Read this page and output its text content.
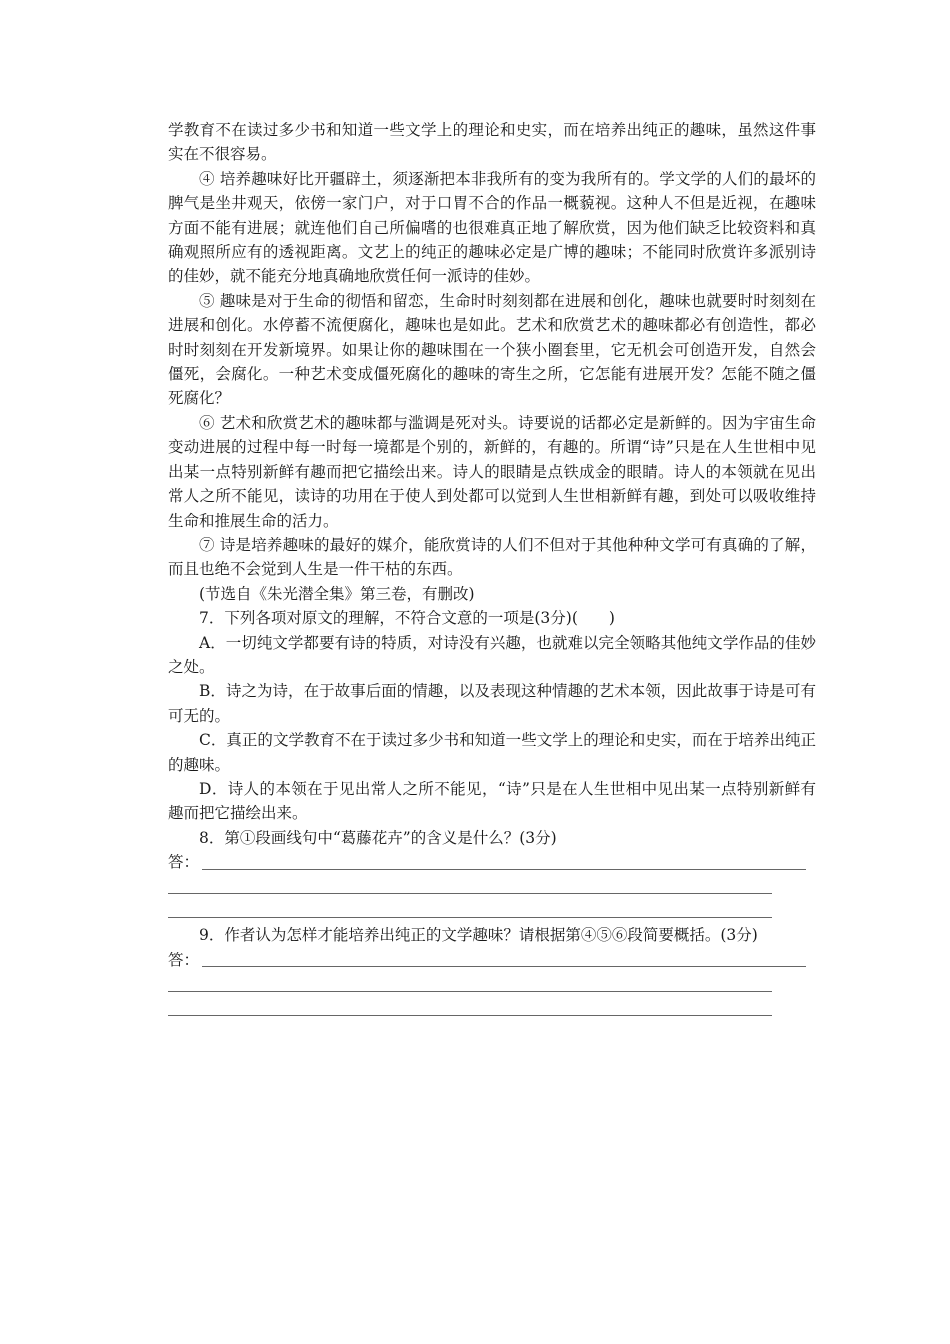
学教育不在读过多少书和知道一些文学上的理论和史实，而在培养出纯正的趣味，虽然这件事实在不很容易。

④ 培养趣味好比开疆辟土，须逐渐把本非我所有的变为我所有的。学文学的人们的最坏的脾气是坐井观天，依傍一家门户，对于口胃不合的作品一概藐视。这种人不但是近视，在趣味方面不能有进展；就连他们自己所偏嗜的也很难真正地了解欣赏，因为他们缺乏比较资料和真确观照所应有的透视距离。文艺上的纯正的趣味必定是广博的趣味；不能同时欣赏许多派别诗的佳妙，就不能充分地真确地欣赏任何一派诗的佳妙。

⑤ 趣味是对于生命的彻悟和留恋，生命时时刻刻都在进展和创化，趣味也就要时时刻刻在进展和创化。水停蓄不流便腐化，趣味也是如此。艺术和欣赏艺术的趣味都必有创造性，都必时时刻刻在开发新境界。如果让你的趣味围在一个狭小圈套里，它无机会可创造开发，自然会僵死，会腐化。一种艺术变成僵死腐化的趣味的寄生之所，它怎能有进展开发？怎能不随之僵死腐化？

⑥ 艺术和欣赏艺术的趣味都与滥调是死对头。诗要说的话都必定是新鲜的。因为宇宙生命变动进展的过程中每一时每一境都是个别的，新鲜的，有趣的。所谓“诗”只是在人生世相中见出某一点特别新鲜有趣而把它描绘出来。诗人的眼睛是点铁成金的眼睛。诗人的本领就在见出常人之所不能见，读诗的功用在于使人到处都可以觉到人生世相新鲜有趣，到处可以吸收维持生命和推展生命的活力。

⑦ 诗是培养趣味的最好的媒介，能欣赏诗的人们不但对于其他种种文学可有真确的了解，而且也绝不会觉到人生是一件干枯的东西。

(节选自《朱光潜全集》第三卷，有删改)

7．下列各项对原文的理解，不符合文意的一项是(3分)(　　)

A．一切纯文学都要有诗的特质，对诗没有兴趣，也就难以完全领略其他纯文学作品的佳妙之处。

B．诗之为诗，在于故事后面的情趣，以及表现这种情趣的艺术本领，因此故事于诗是可有可无的。

C．真正的文学教育不在于读过多少书和知道一些文学上的理论和史实，而在于培养出纯正的趣味。

D．诗人的本领在于见出常人之所不能见，“诗”只是在人生世相中见出某一点特别新鲜有趣而把它描绘出来。

8．第①段画线句中“葛藤花卉”的含义是什么？(3分)

答：

9．作者认为怎样才能培养出纯正的文学趣味？请根据第④⑤⑥段简要概括。(3分)

答：
